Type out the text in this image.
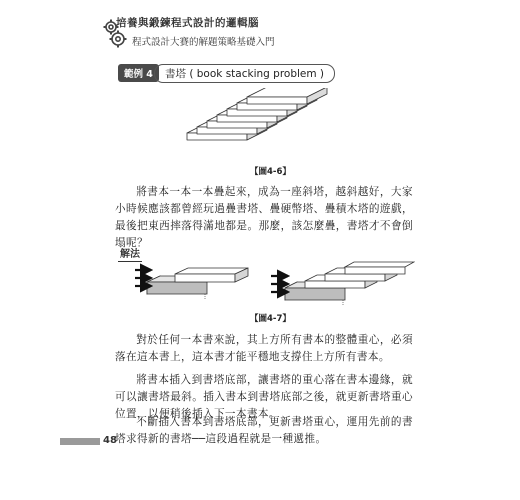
培養與鍛鍊程式設計的邏輯腦
程式設計大賽的解題策略基礎入門
範例 4	書塔 ( book stacking problem )
【圖4-6】

將書本一本一本疊起來，成為一座斜塔，越斜越好，大家小時候應該都曾經玩過疊書塔、疊硬幣塔、疊積木塔的遊戲，最後把東西摔落得滿地都是。那麼，該怎麼疊，書塔才不會倒塌呢？

解法
【圖4-7】

對於任何一本書來說，其上方所有書本的整體重心，必須落在這本書上，這本書才能平穩地支撐住上方所有書本。

將書本插入到書塔底部，讓書塔的重心落在書本邊緣，就可以讓書塔最斜。插入書本到書塔底部之後，就更新書塔重心位置，以便稍後插入下一本書本。

不斷插入書本到書塔底部，更新書塔重心，運用先前的書塔求得新的書塔──這段過程就是一種遞推。

48
